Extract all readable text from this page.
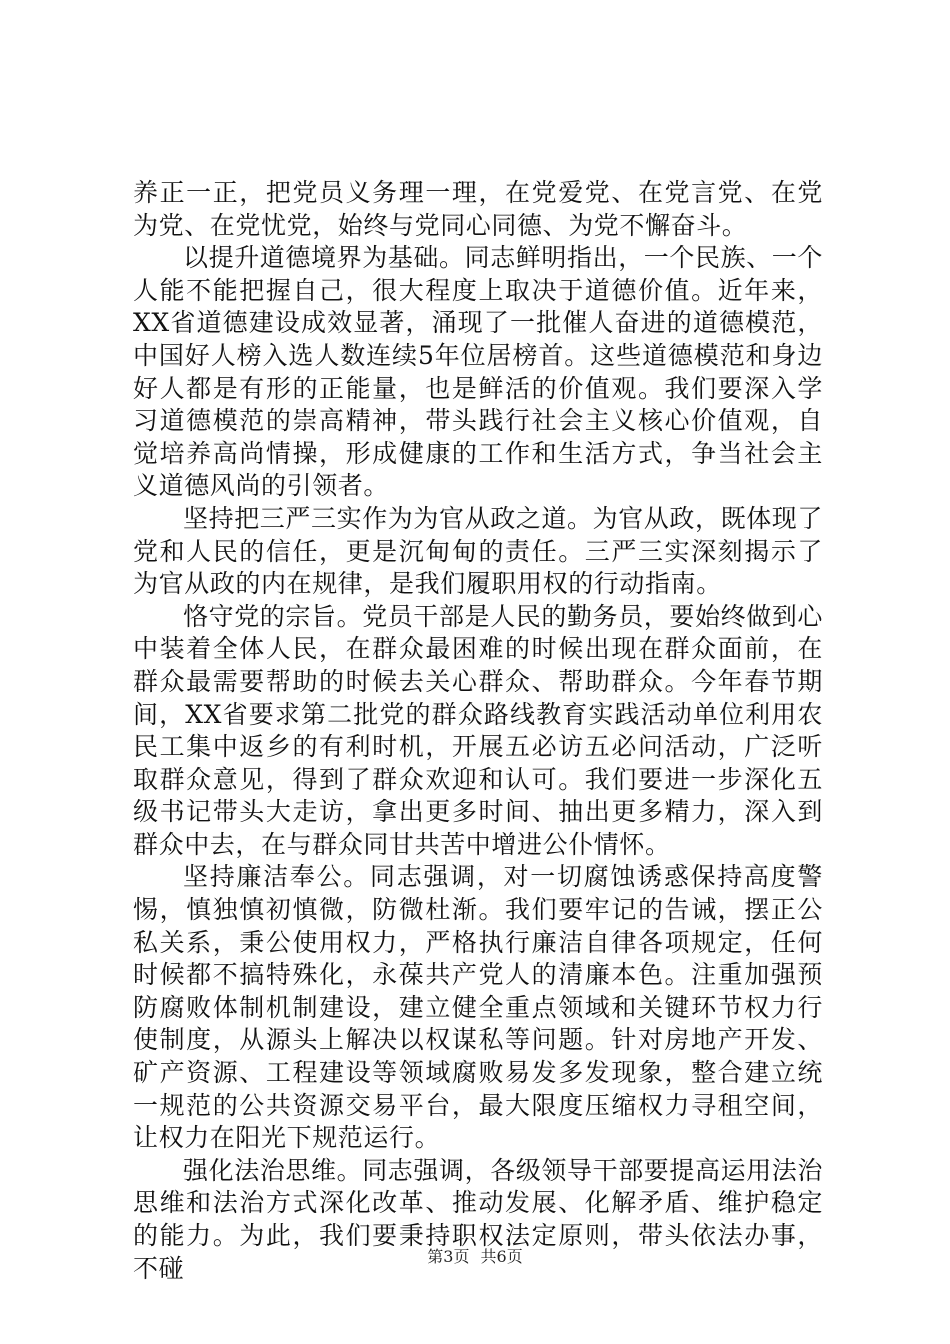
养正一正，把党员义务理一理，在党爱党、在党言党、在党为党、在党忧党，始终与党同心同德、为党不懈奋斗。

以提升道德境界为基础。同志鲜明指出，一个民族、一个人能不能把握自己，很大程度上取决于道德价值。近年来，XX省道德建设成效显著，涌现了一批催人奋进的道德模范，中国好人榜入选人数连续5年位居榜首。这些道德模范和身边好人都是有形的正能量，也是鲜活的价值观。我们要深入学习道德模范的崇高精神，带头践行社会主义核心价值观，自觉培养高尚情操，形成健康的工作和生活方式，争当社会主义道德风尚的引领者。

坚持把三严三实作为为官从政之道。为官从政，既体现了党和人民的信任，更是沉甸甸的责任。三严三实深刻揭示了为官从政的内在规律，是我们履职用权的行动指南。

恪守党的宗旨。党员干部是人民的勤务员，要始终做到心中装着全体人民，在群众最困难的时候出现在群众面前，在群众最需要帮助的时候去关心群众、帮助群众。今年春节期间，XX省要求第二批党的群众路线教育实践活动单位利用农民工集中返乡的有利时机，开展五必访五必问活动，广泛听取群众意见，得到了群众欢迎和认可。我们要进一步深化五级书记带头大走访，拿出更多时间、抽出更多精力，深入到群众中去，在与群众同甘共苦中增进公仆情怀。

坚持廉洁奉公。同志强调，对一切腐蚀诱惑保持高度警惕，慎独慎初慎微，防微杜渐。我们要牢记的告诫，摆正公私关系，秉公使用权力，严格执行廉洁自律各项规定，任何时候都不搞特殊化，永葆共产党人的清廉本色。注重加强预防腐败体制机制建设，建立健全重点领域和关键环节权力行使制度，从源头上解决以权谋私等问题。针对房地产开发、矿产资源、工程建设等领域腐败易发多发现象，整合建立统一规范的公共资源交易平台，最大限度压缩权力寻租空间，让权力在阳光下规范运行。

强化法治思维。同志强调，各级领导干部要提高运用法治思维和法治方式深化改革、推动发展、化解矛盾、维护稳定的能力。为此，我们要秉持职权法定原则，带头依法办事，不碰	第3页 共6页
